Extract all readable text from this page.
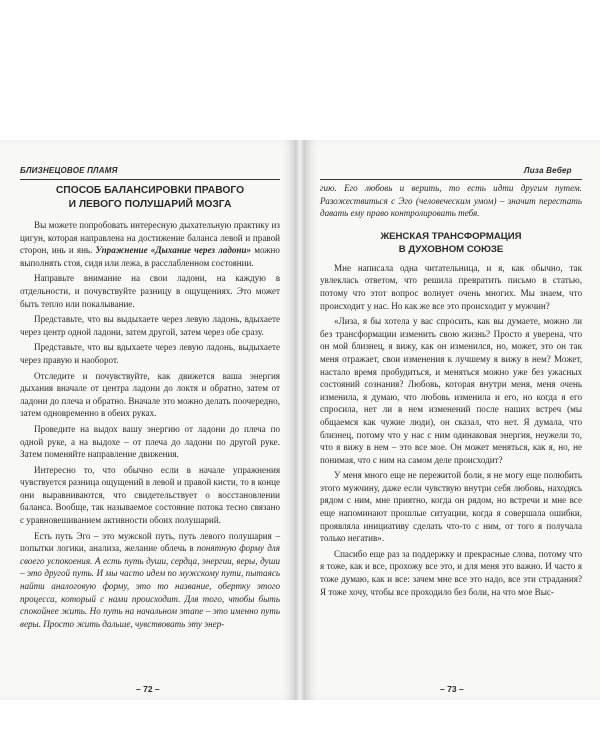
БЛИЗНЕЦОВОЕ ПЛАМЯ
СПОСОБ БАЛАНСИРОВКИ ПРАВОГО
И ЛЕВОГО ПОЛУШАРИЙ МОЗГА

Вы можете попробовать интересную дыхательную практику из цигун, которая направлена на достижение баланса левой и правой сторон, инь и янь. Упражнение «Дыхание через ладони» можно выполнять стоя, сидя или лежа, в расслабленном состоянии.

Направьте внимание на свои ладони, на каждую в отдельности, и почувствуйте разницу в ощущениях. Это может быть тепло или покалывание.

Представьте, что вы выдыхаете через левую ладонь, вдыхаете через центр одной ладони, затем другой, затем через обе сразу.

Представьте, что вы вдыхаете через левую ладонь, выдыхаете через правую и наоборот.

Отследите и почувствуйте, как движется ваша энергия дыхания вначале от центра ладони до локтя и обратно, затем от ладони до плеча и обратно. Вначале это можно делать поочередно, затем одновременно в обеих руках.

Проведите на выдох вашу энергию от ладони до плеча по одной руке, а на выдохе – от плеча до ладони по другой руке. Затем поменяйте направление движения.

Интересно то, что обычно если в начале упражнения чувствуется разница ощущений в левой и правой кисти, то в конце они выравниваются, что свидетельствует о восстановлении баланса. Вообще, так называемое состояние потока тесно связано с уравновешиванием активности обоих полушарий.

Есть путь Эго – это мужской путь, путь левого полушария – попытки логики, анализа, желание облечь в понятную форму для своего успокоения. А есть путь души, сердца, энергии, веры, души – это другой путь. И мы часто идем по мужскому пути, пытаясь найти аналоговую форму, это то название, обертку этого процесса, который с нами происходит. Для того, чтобы быть спокойнее жить. Но путь на начальном этапе – это именно путь веры. Просто жить дальше, чувствовать эту энер-

– 72 –
Лиза Вебер

гию. Его любовь и верить, то есть идти другим путем. Разожествиться с Эго (человеческим умом) – значит перестать давать ему право контролировать тебя.

ЖЕНСКАЯ ТРАНСФОРМАЦИЯ
В ДУХОВНОМ СОЮЗЕ

Мне написала одна читательница, и я, как обычно, так увлеклась ответом, что решила превратить письмо в статью, потому что этот вопрос волнует очень многих. Мы знаем, что происходит у нас. Но как же все это происходит у мужчин?

«Лиза, я бы хотела у вас спросить, как вы думаете, можно ли без трансформации изменить свою жизнь? Просто я уверена, что он мой близнец, я вижу, как он изменился, но, может, это он так меня отражает, свои изменения к лучшему я вижу в нем? Может, настало время пробудиться, и меняться можно уже без ужасных состояний сознания? Любовь, которая внутри меня, меня очень изменила, я думаю, что любовь изменила и его, но когда я его спросила, нет ли в нем изменений после наших встреч (мы общаемся как чужие люди), он сказал, что нет. Я думала, что близнец, потому что у нас с ним одинаковая энергия, неужели то, что я вижу в нем – это все мое. Он может меняться, как я, но, не понимая, что с ним на самом деле происходит?

У меня много еще не пережитой боли, я не могу еще полюбить этого мужчину, даже если чувствую внутри себя любовь, находясь рядом с ним, мне приятно, когда он рядом, но встречи и мне все еще напоминают прошлые ситуации, когда я совершала ошибки, проявляла инициативу сделать что-то с ним, от того я получала только негатив».

Спасибо еще раз за поддержку и прекрасные слова, потому что я тоже, как и все, прохожу все это, и для меня это важно. И часто я тоже думаю, как и все: зачем мне все это надо, все эти страдания? Я тоже хочу, чтобы все проходило без боли, на что мое Выс-

– 73 –
